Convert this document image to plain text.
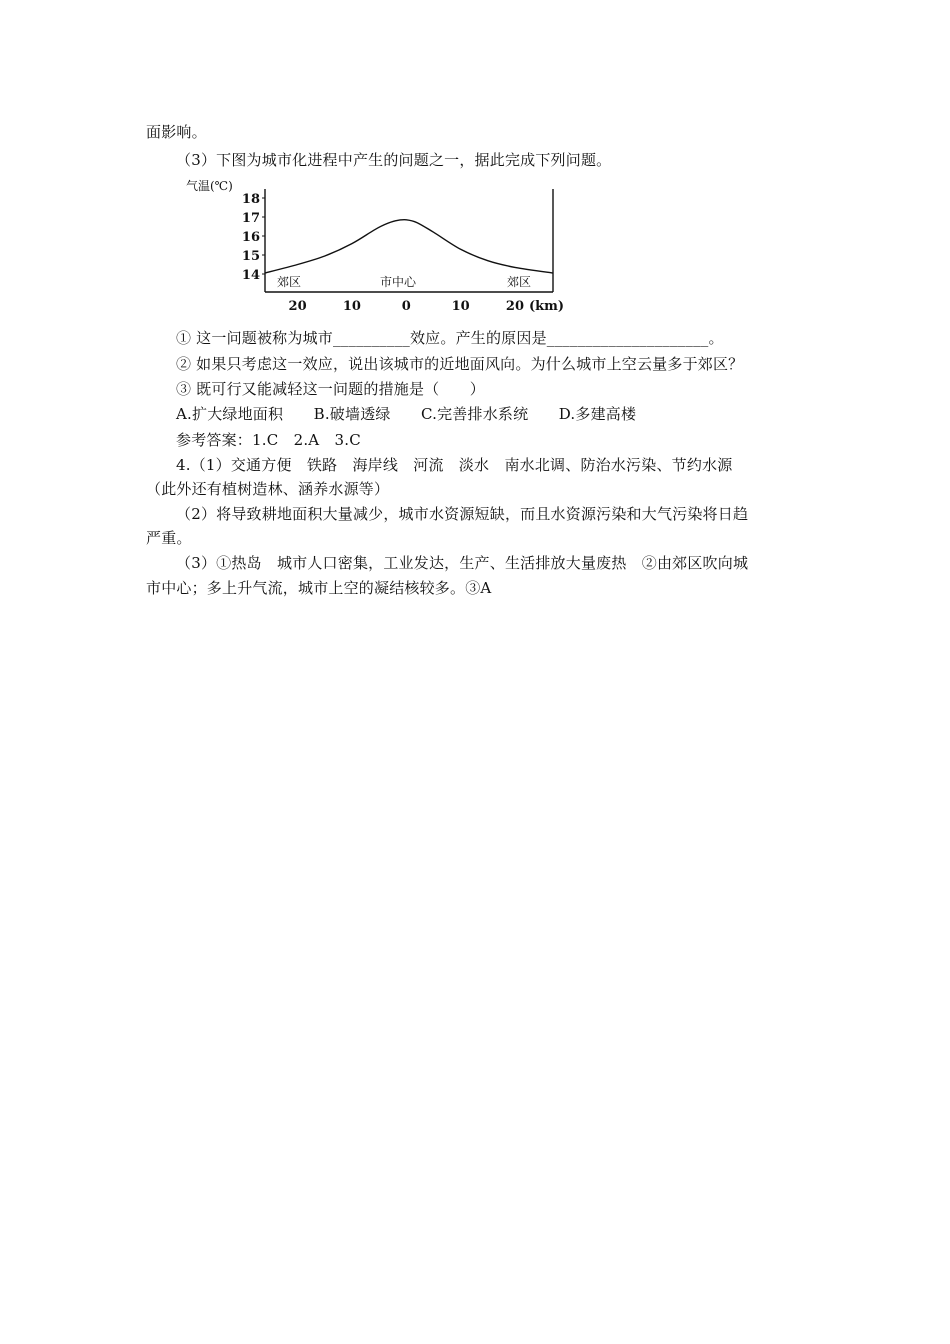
面影响。
（3）下图为城市化进程中产生的问题之一，据此完成下列问题。
气温(℃)
18
17
16
15
14
20	10	0	10	20
郊区	市中心	郊区
(km)
① 这一问题被称为城市__________效应。产生的原因是_____________________。
② 如果只考虑这一效应，说出该城市的近地面风向。为什么城市上空云量多于郊区？
③ 既可行又能减轻这一问题的措施是（　　）
A.扩大绿地面积　　B.破墙透绿　　C.完善排水系统　　D.多建高楼
参考答案：1.C　2.A　3.C
4.（1）交通方便　铁路　海岸线　河流　淡水　南水北调、防治水污染、节约水源
（此外还有植树造林、涵养水源等）
（2）将导致耕地面积大量减少，城市水资源短缺，而且水资源污染和大气污染将日趋
严重。
（3）①热岛　城市人口密集，工业发达，生产、生活排放大量废热　②由郊区吹向城
市中心；多上升气流，城市上空的凝结核较多。③A
